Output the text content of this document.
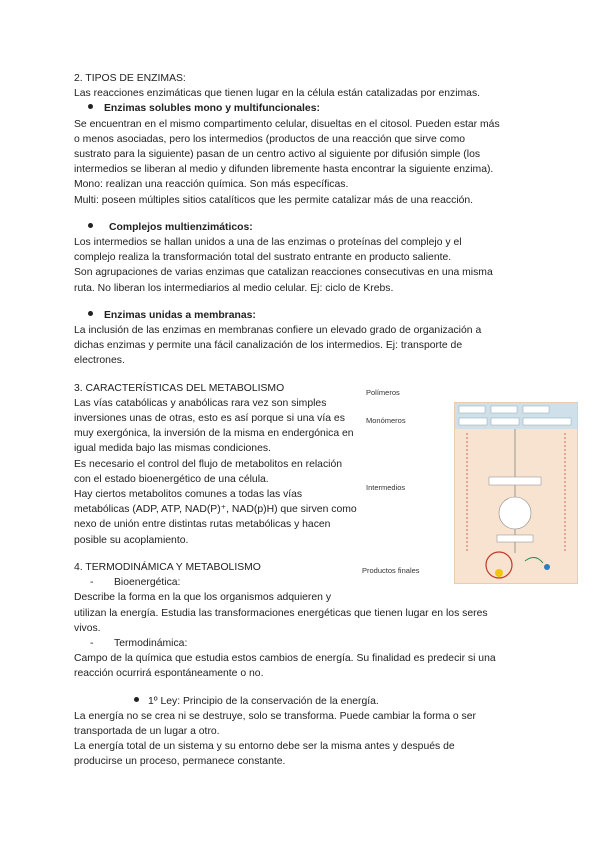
2. TIPOS DE ENZIMAS:

Las reacciones enzimáticas que tienen lugar en la célula están catalizadas por enzimas.

Enzimas solubles mono y multifuncionales:

Se encuentran en el mismo compartimento celular, disueltas en el citosol. Pueden estar más

o menos asociadas, pero los intermedios (productos de una reacción que sirve como

sustrato para la siguiente) pasan de un centro activo al siguiente por difusión simple (los

intermedios se liberan al medio y difunden libremente hasta encontrar la siguiente enzima).

Mono: realizan una reacción química. Son más específicas.

Multi: poseen múltiples sitios catalíticos que les permite catalizar más de una reacción.

Complejos multienzimáticos:

Los intermedios se hallan unidos a una de las enzimas o proteínas del complejo y el

complejo realiza la transformación total del sustrato entrante en producto saliente.

Son agrupaciones de varias enzimas que catalizan reacciones consecutivas en una misma

ruta. No liberan los intermediarios al medio celular. Ej: ciclo de Krebs.

Enzimas unidas a membranas:

La inclusión de las enzimas en membranas confiere un elevado grado de organización a

dichas enzimas y permite una fácil canalización de los intermedios. Ej: transporte de

electrones.

3. CARACTERÍSTICAS DEL METABOLISMO

Las vías catabólicas y anabólicas rara vez son simples

inversiones unas de otras, esto es así porque si una vía es

muy exergónica, la inversión de la misma en endergónica en

igual medida bajo las mismas condiciones.

Es necesario el control del flujo de metabolitos en relación

con el estado bioenergético de una célula.

Hay ciertos metabolitos comunes a todas las vías

metabólicas (ADP, ATP, NAD(P)⁺, NAD(p)H) que sirven como

nexo de unión entre distintas rutas metabólicas y hacen

posible su acoplamiento.

4. TERMODINÁMICA Y METABOLISMO

-	Bioenergética:

Describe la forma en la que los organismos adquieren y

utilizan la energía. Estudia las transformaciones energéticas que tienen lugar en los seres

vivos.

-	Termodinámica:

Campo de la química que estudia estos cambios de energía. Su finalidad es predecir si una

reacción ocurrirá espontáneamente o no.

1º Ley: Principio de la conservación de la energía.

La energía no se crea ni se destruye, solo se transforma. Puede cambiar la forma o ser

transportada de un lugar a otro.

La energía total de un sistema y su entorno debe ser la misma antes y después de

producirse un proceso, permanece constante.

Polímeros
Monómeros
Intermedios
Productos finales
